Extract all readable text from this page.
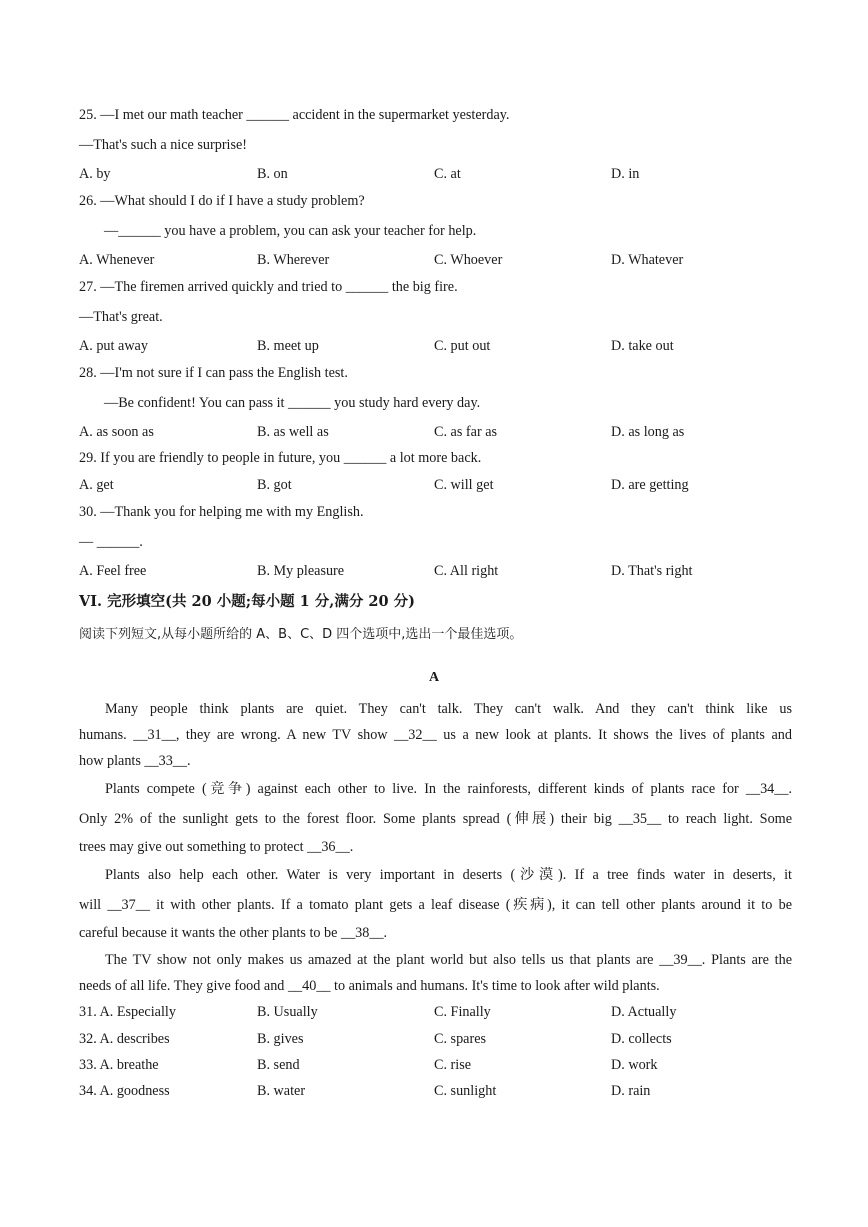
25. —I met our math teacher ______ accident in the supermarket yesterday.
—That's such a nice surprise!
A. by	B. on	C. at	D. in
26. —What should I do if I have a study problem?
—______ you have a problem, you can ask your teacher for help.
A. Whenever	B. Wherever	C. Whoever	D. Whatever
27. —The firemen arrived quickly and tried to ______ the big fire.
—That's great.
A. put away	B. meet up	C. put out	D. take out
28. —I'm not sure if I can pass the English test.
—Be confident! You can pass it ______ you study hard every day.
A. as soon as	B. as well as	C. as far as	D. as long as
29. If you are friendly to people in future, you ______ a lot more back.
A. get	B. got	C. will get	D. are getting
30. —Thank you for helping me with my English.
— ______.
A. Feel free	B. My pleasure	C. All right	D. That's right
VI. 完形填空(共 20 小题;每小题 1 分,满分 20 分)
阅读下列短文,从每小题所给的 A、B、C、D 四个选项中,选出一个最佳选项。
A
Many people think plants are quiet. They can't talk. They can't walk. And they can't think like us
humans. __31__, they are wrong. A new TV show __32__ us a new look at plants. It shows the lives of plants and
how plants __33__.
Plants compete (竞争) against each other to live. In the rainforests, different kinds of plants race for __34__.
Only 2% of the sunlight gets to the forest floor. Some plants spread (伸展) their big __35__ to reach light. Some
trees may give out something to protect __36__.
Plants also help each other. Water is very important in deserts (沙漠). If a tree finds water in deserts, it
will __37__ it with other plants. If a tomato plant gets a leaf disease (疾病), it can tell other plants around it to be
careful because it wants the other plants to be __38__.
The TV show not only makes us amazed at the plant world but also tells us that plants are __39__. Plants are the
needs of all life. They give food and __40__ to animals and humans. It's time to look after wild plants.
31. A. Especially	B. Usually	C. Finally	D. Actually
32. A. describes	B. gives	C. spares	D. collects
33. A. breathe	B. send	C. rise	D. work
34. A. goodness	B. water	C. sunlight	D. rain
